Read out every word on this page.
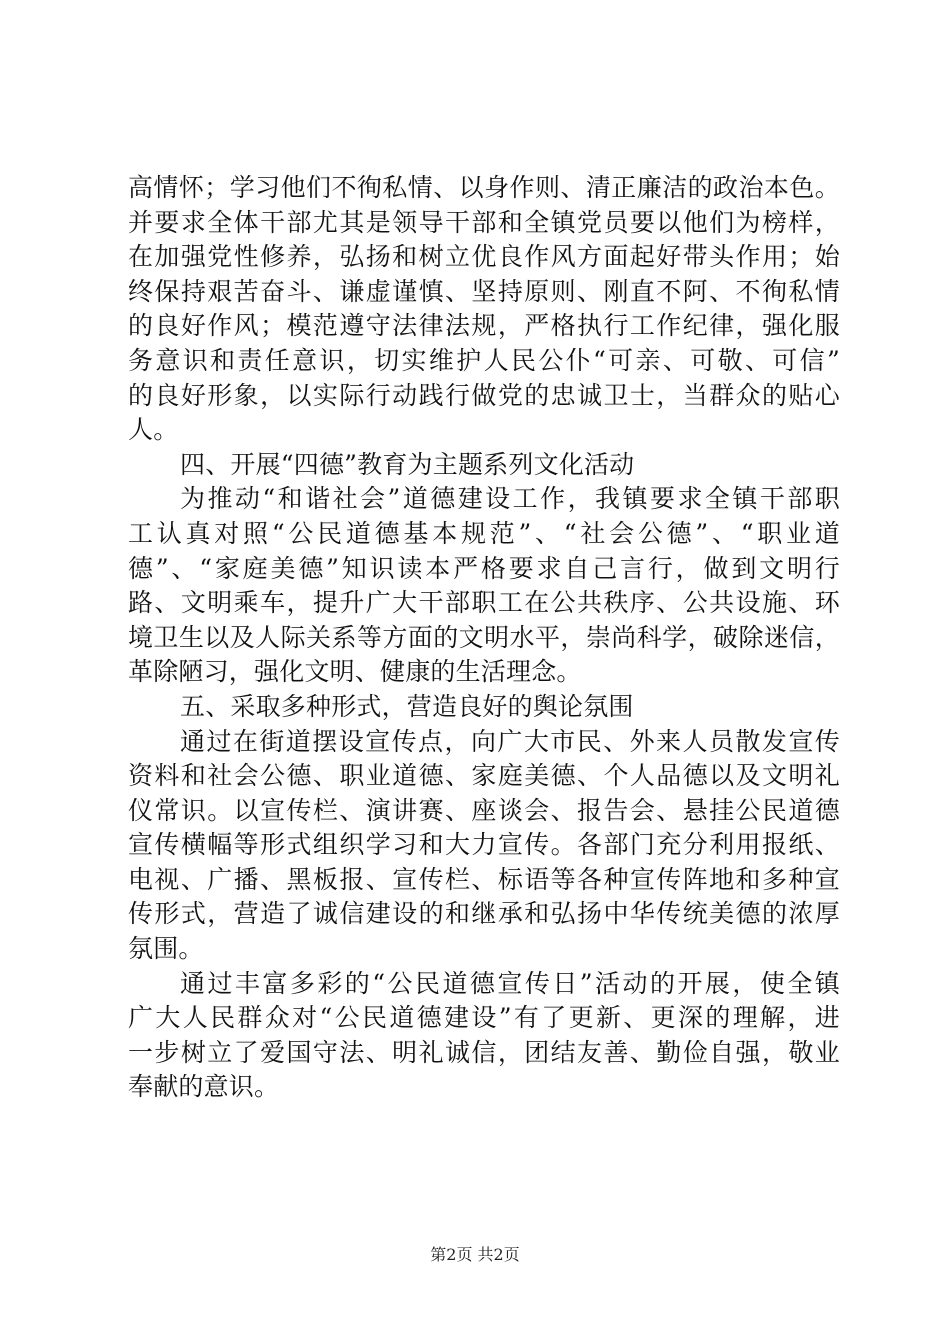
高情怀；学习他们不徇私情、以身作则、清正廉洁的政治本色。
并要求全体干部尤其是领导干部和全镇党员要以他们为榜样，
在加强党性修养，弘扬和树立优良作风方面起好带头作用；始
终保持艰苦奋斗、谦虚谨慎、坚持原则、刚直不阿、不徇私情
的良好作风；模范遵守法律法规，严格执行工作纪律，强化服
务意识和责任意识，切实维护人民公仆“可亲、可敬、可信”
的良好形象，以实际行动践行做党的忠诚卫士，当群众的贴心
人。
四、开展“四德”教育为主题系列文化活动
为推动“和谐社会”道德建设工作，我镇要求全镇干部职
工认真对照“公民道德基本规范”、“社会公德”、“职业道
德”、“家庭美德”知识读本严格要求自己言行，做到文明行
路、文明乘车，提升广大干部职工在公共秩序、公共设施、环
境卫生以及人际关系等方面的文明水平，崇尚科学，破除迷信，
革除陋习，强化文明、健康的生活理念。
五、采取多种形式，营造良好的舆论氛围
通过在街道摆设宣传点，向广大市民、外来人员散发宣传
资料和社会公德、职业道德、家庭美德、个人品德以及文明礼
仪常识。以宣传栏、演讲赛、座谈会、报告会、悬挂公民道德
宣传横幅等形式组织学习和大力宣传。各部门充分利用报纸、
电视、广播、黑板报、宣传栏、标语等各种宣传阵地和多种宣
传形式，营造了诚信建设的和继承和弘扬中华传统美德的浓厚
氛围。
通过丰富多彩的“公民道德宣传日”活动的开展，使全镇
广大人民群众对“公民道德建设”有了更新、更深的理解，进
一步树立了爱国守法、明礼诚信，团结友善、勤俭自强，敬业
奉献的意识。
第2页 共2页
